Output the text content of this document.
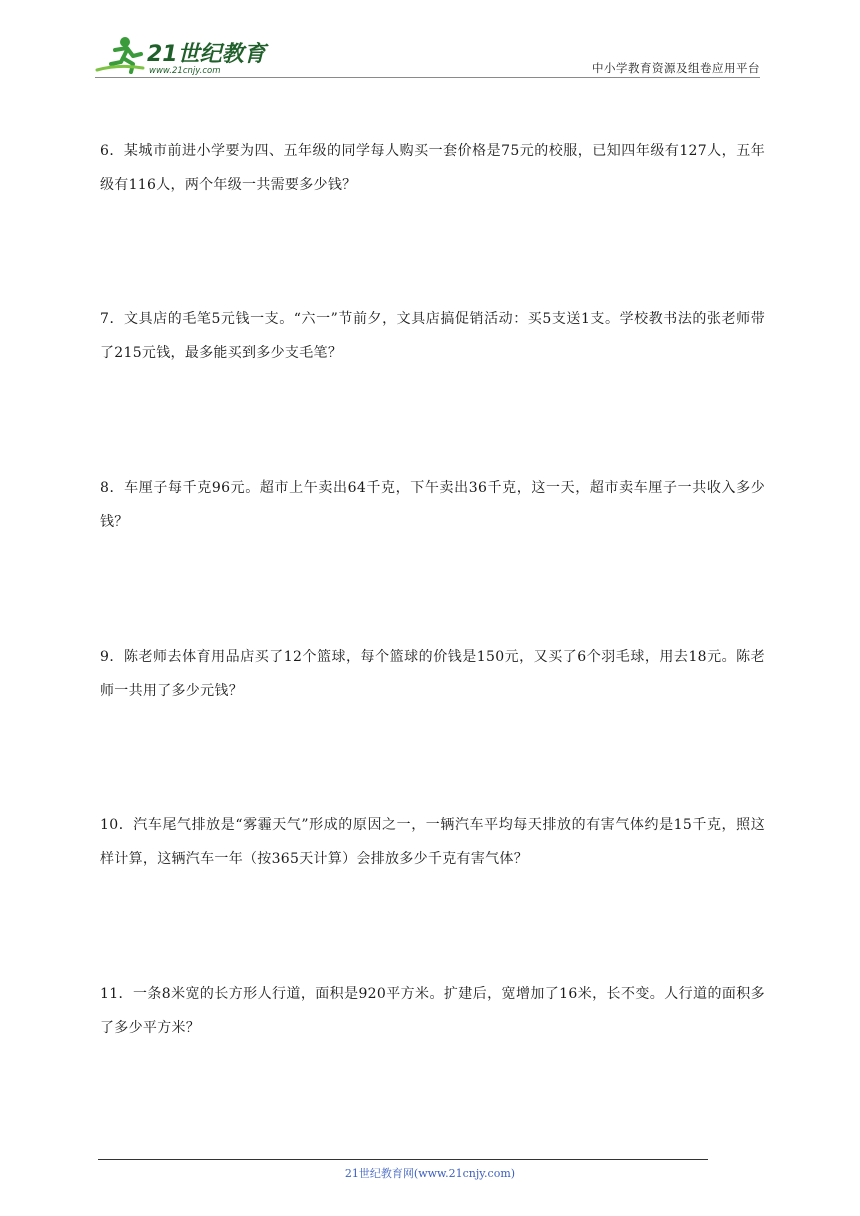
21世纪教育
www.21cnjy.com	中小学教育资源及组卷应用平台
6．某城市前进小学要为四、五年级的同学每人购买一套价格是75元的校服，已知四年级有127人，五年级有116人，两个年级一共需要多少钱？
7．文具店的毛笔5元钱一支。“六一”节前夕，文具店搞促销活动：买5支送1支。学校教书法的张老师带了215元钱，最多能买到多少支毛笔？
8．车厘子每千克96元。超市上午卖出64千克，下午卖出36千克，这一天，超市卖车厘子一共收入多少钱？
9．陈老师去体育用品店买了12个篮球，每个篮球的价钱是150元，又买了6个羽毛球，用去18元。陈老师一共用了多少元钱？
10．汽车尾气排放是“雾霾天气”形成的原因之一，一辆汽车平均每天排放的有害气体约是15千克，照这样计算，这辆汽车一年（按365天计算）会排放多少千克有害气体？
11．一条8米宽的长方形人行道，面积是920平方米。扩建后，宽增加了16米，长不变。人行道的面积多了多少平方米？
21世纪教育网(www.21cnjy.com)
